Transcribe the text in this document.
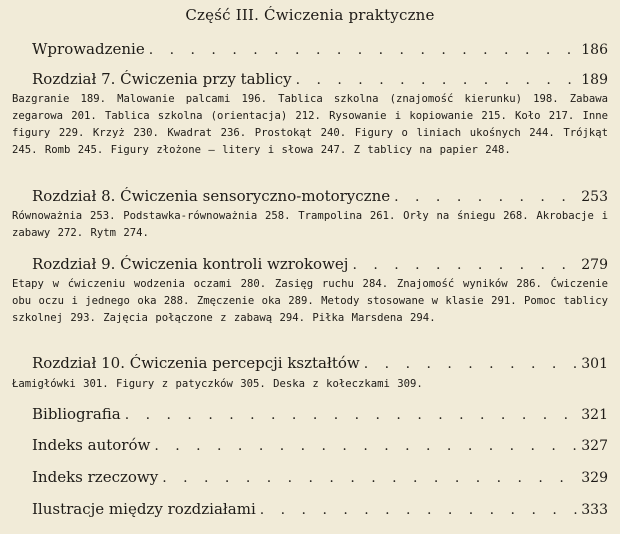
Część III. Ćwiczenia praktyczne
Wprowadzenie . . .	186
Rozdział 7. Ćwiczenia przy tablicy . . .	189
Bazgranie 189. Malowanie palcami 196. Tablica szkolna (znajomość kierunku) 198. Zabawa zegarowa 201. Tablica szkolna (orientacja) 212. Rysowanie i kopiowanie 215. Koło 217. Inne figury 229. Krzyż 230. Kwadrat 236. Prostokąt 240. Figury o liniach ukośnych 244. Trójkąt 245. Romb 245. Figury złożone — litery i słowa 247. Z tablicy na papier 248.
Rozdział 8. Ćwiczenia sensoryczno-motoryczne . . .	253
Równoważnia 253. Podstawka-równoważnia 258. Trampolina 261. Orły na śniegu 268. Akrobacje i zabawy 272. Rytm 274.
Rozdział 9. Ćwiczenia kontroli wzrokowej . . .	279
Etapy w ćwiczeniu wodzenia oczami 280. Zasięg ruchu 284. Znajomość wyników 286. Ćwiczenie obu oczu i jednego oka 288. Zmęczenie oka 289. Metody stosowane w klasie 291. Pomoc tablicy szkolnej 293. Zajęcia połączone z zabawą 294. Piłka Marsdena 294.
Rozdział 10. Ćwiczenia percepcji kształtów . . .	301
Łamigłówki 301. Figury z patyczków 305. Deska z kołeczkami 309.
Bibliografia . . .	321
Indeks autorów . . .	327
Indeks rzeczowy . . .	329
Ilustracje między rozdziałami . . .	333
